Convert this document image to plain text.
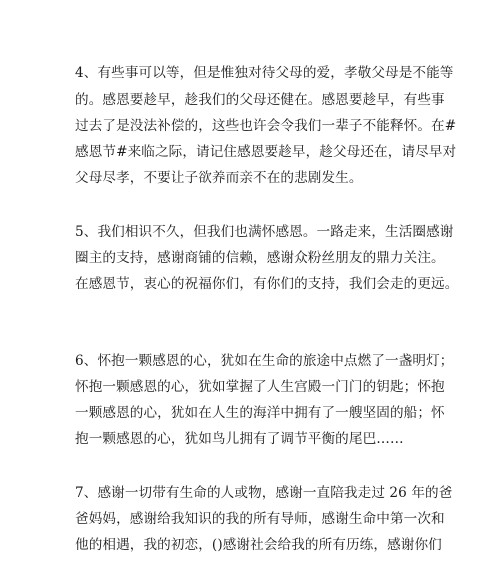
4、有些事可以等，但是惟独对待父母的爱，孝敬父母是不能等
的。感恩要趁早，趁我们的父母还健在。感恩要趁早，有些事
过去了是没法补偿的，这些也许会令我们一辈子不能释怀。在#
感恩节#来临之际，请记住感恩要趁早，趁父母还在，请尽早对
父母尽孝，不要让子欲养而亲不在的悲剧发生。
5、我们相识不久，但我们也满怀感恩。一路走来，生活圈感谢
圈主的支持，感谢商铺的信赖，感谢众粉丝朋友的鼎力关注。
在感恩节，衷心的祝福你们，有你们的支持，我们会走的更远。
6、怀抱一颗感恩的心，犹如在生命的旅途中点燃了一盏明灯；
怀抱一颗感恩的心，犹如掌握了人生宫殿一门门的钥匙；怀抱
一颗感恩的心，犹如在人生的海洋中拥有了一艘坚固的船；怀
抱一颗感恩的心，犹如鸟儿拥有了调节平衡的尾巴……
7、感谢一切带有生命的人或物，感谢一直陪我走过 26 年的爸
爸妈妈，感谢给我知识的我的所有导师，感谢生命中第一次和
他的相遇，我的初恋，()感谢社会给我的所有历练，感谢你们
